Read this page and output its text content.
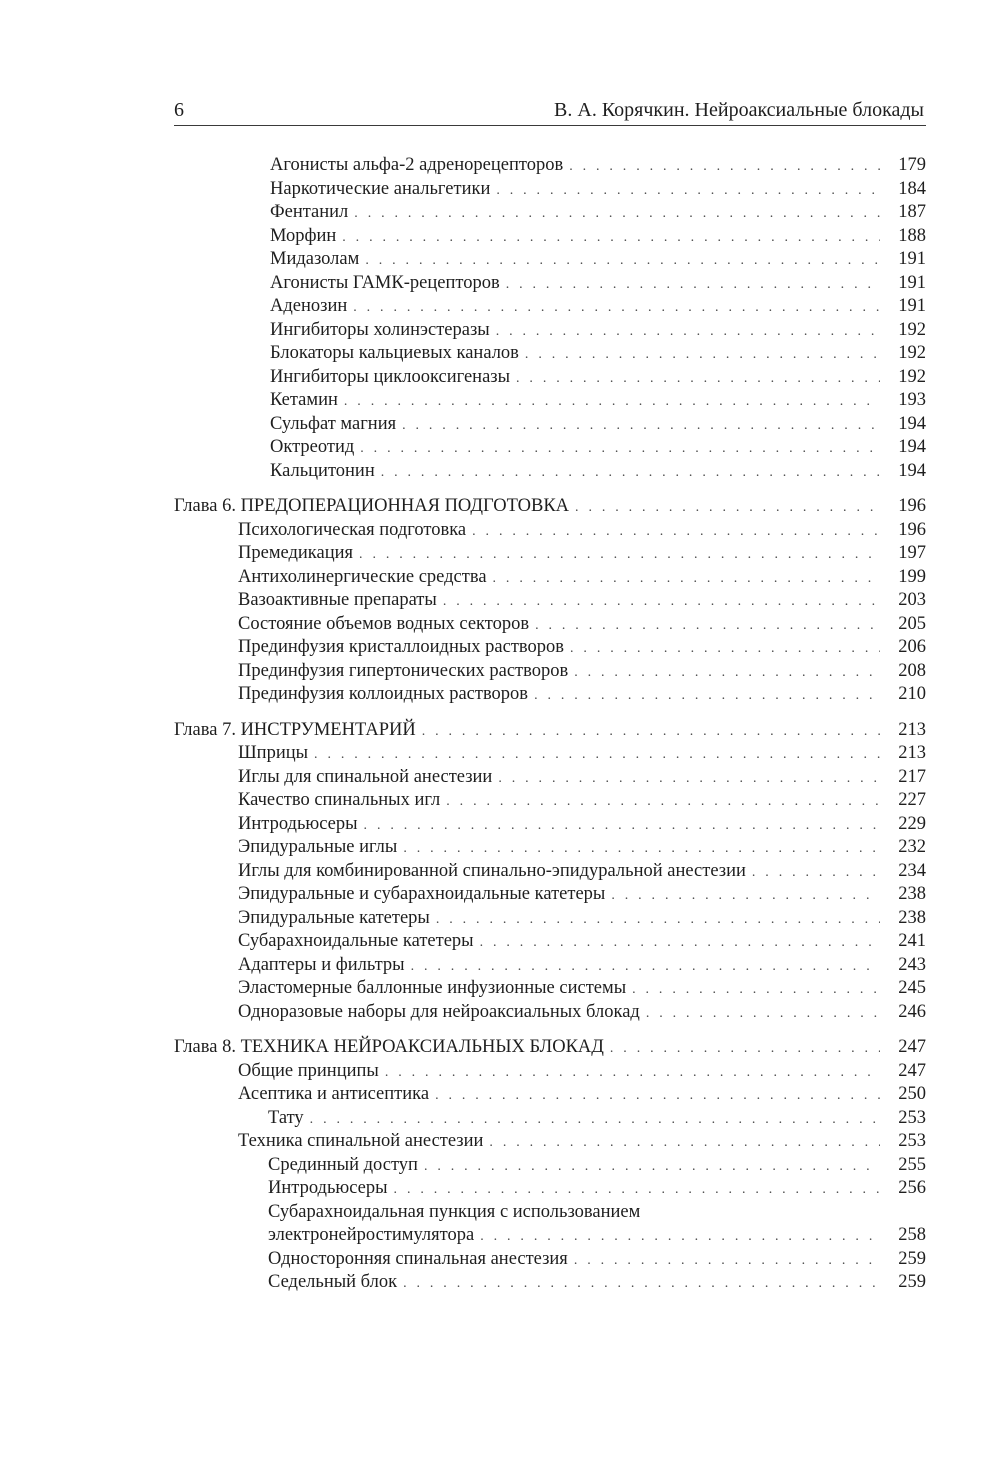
6	В. А. Корячкин. Нейроаксиальные блокады
Агонисты альфа-2 адренорецепторов . . .	179
Наркотические анальгетики . . .	184
Фентанил . . .	187
Морфин . . .	188
Мидазолам . . .	191
Агонисты ГАМК-рецепторов . . .	191
Аденозин . . .	191
Ингибиторы холинэстеразы . . .	192
Блокаторы кальциевых каналов . . .	192
Ингибиторы циклооксигеназы . . .	192
Кетамин . . .	193
Сульфат магния . . .	194
Октреотид . . .	194
Кальцитонин . . .	194
Глава 6. ПРЕДОПЕРАЦИОННАЯ ПОДГОТОВКА . . .	196
Психологическая подготовка . . .	196
Премедикация . . .	197
Антихолинергические средства . . .	199
Вазоактивные препараты . . .	203
Состояние объемов водных секторов . . .	205
Прединфузия кристаллоидных растворов . . .	206
Прединфузия гипертонических растворов . . .	208
Прединфузия коллоидных растворов . . .	210
Глава 7. ИНСТРУМЕНТАРИЙ . . .	213
Шприцы . . .	213
Иглы для спинальной анестезии . . .	217
Качество спинальных игл . . .	227
Интродьюсеры . . .	229
Эпидуральные иглы . . .	232
Иглы для комбинированной спинально-эпидуральной анестезии . . .	234
Эпидуральные и субарахноидальные катетеры . . .	238
Эпидуральные катетеры . . .	238
Субарахноидальные катетеры . . .	241
Адаптеры и фильтры . . .	243
Эластомерные баллонные инфузионные системы . . .	245
Одноразовые наборы для нейроаксиальных блокад . . .	246
Глава 8. ТЕХНИКА НЕЙРОАКСИАЛЬНЫХ БЛОКАД . . .	247
Общие принципы . . .	247
Асептика и антисептика . . .	250
Тату . . .	253
Техника спинальной анестезии . . .	253
Срединный доступ . . .	255
Интродьюсеры . . .	256
Субарахноидальная пункция с использованием
электронейростимулятора . . .	258
Односторонняя спинальная анестезия . . .	259
Седельный блок . . .	259
